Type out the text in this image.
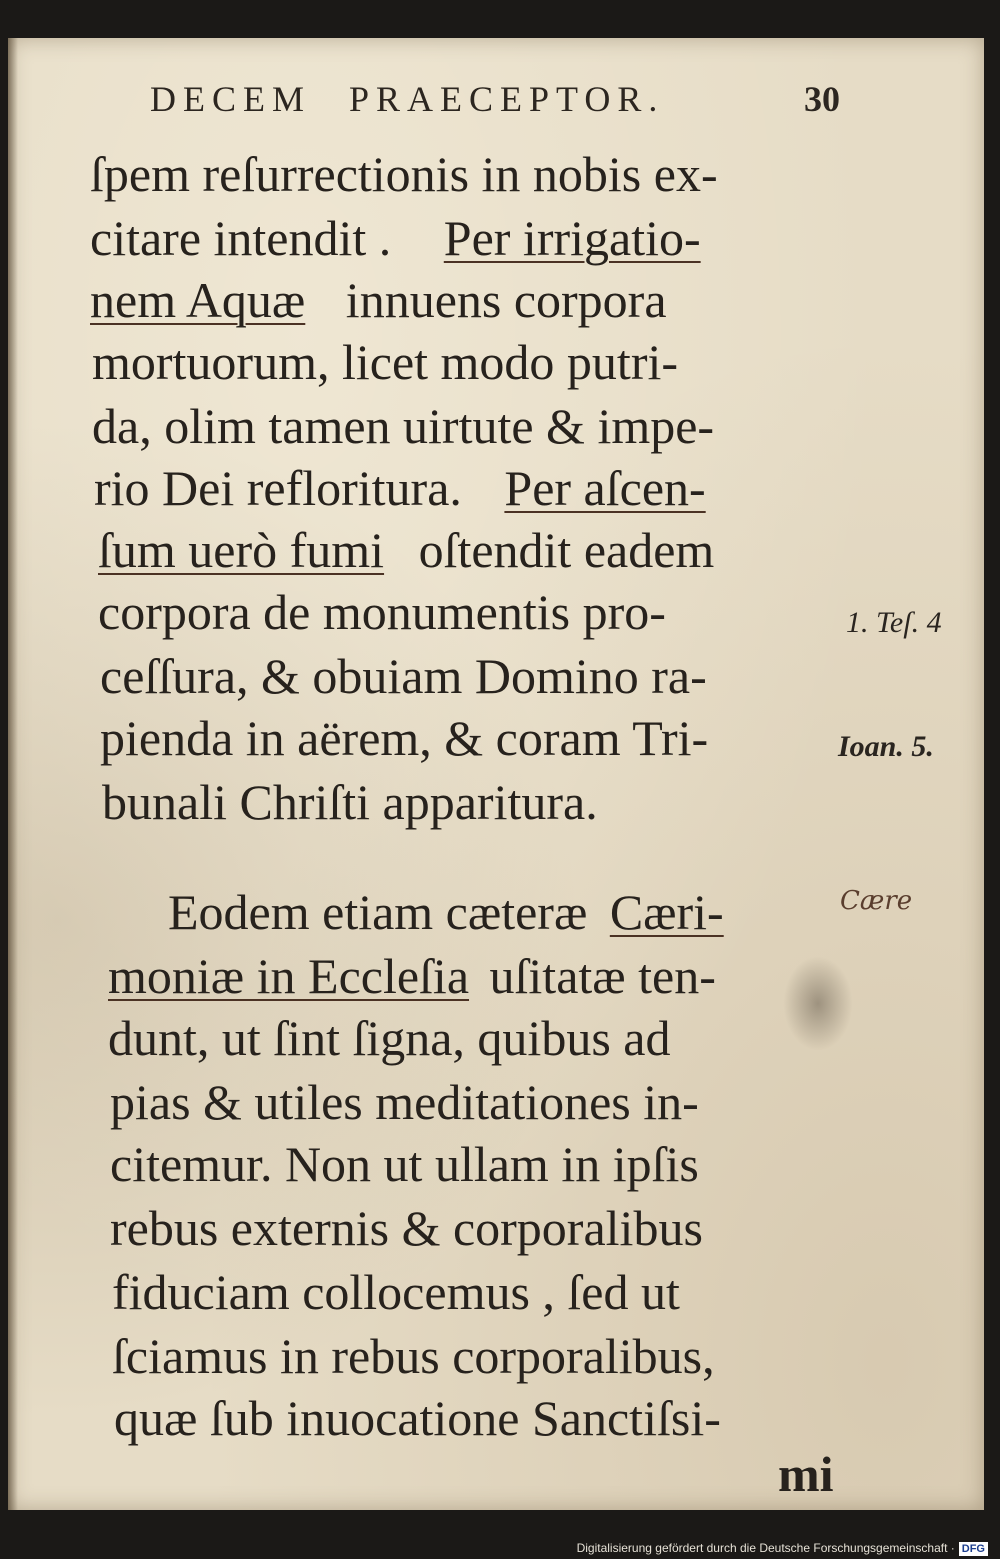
DECEM PRAECEPTOR.	30
ſpem reſurrectionis in nobis ex-
citare intendit . Per irrigatio-
nem Aquæ innuens corpora
mortuorum, licet modo putri-
da, olim tamen uirtute & impe-
rio Dei refloritura. Per aſcen-
ſum uerò fumi oſtendit eadem
corpora de monumentis pro-
ceſſura, & obuiam Domino ra-
pienda in aërem, & coram Tri-
bunali Chriſti apparitura.
Eodem etiam cæteræ Cæri-
moniæ in Eccleſia uſitatæ ten-
dunt, ut ſint ſigna, quibus ad
pias & utiles meditationes in-
citemur. Non ut ullam in ipſis
rebus externis & corporalibus
fiduciam collocemus , ſed ut
ſciamus in rebus corporalibus,
quæ ſub inuocatione Sanctiſsi-
mi
1. Teſ. 4
Ioan. 5.
Cære
Digitalisierung gefördert durch die Deutsche Forschungsgemeinschaft · DFG
